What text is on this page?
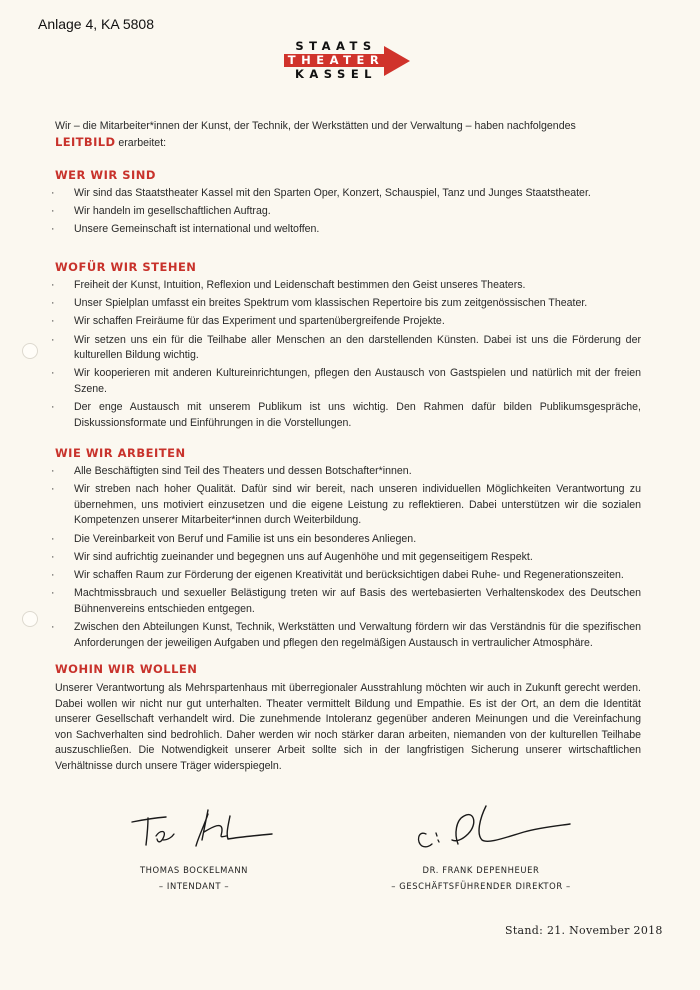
Anlage 4, KA 5808
STAATS
THEATER
KASSEL
Wir – die Mitarbeiter*innen der Kunst, der Technik, der Werkstätten und der Verwaltung – haben nachfolgendes
LEITBILD erarbeitet:
WER WIR SIND
· Wir sind das Staatstheater Kassel mit den Sparten Oper, Konzert, Schauspiel, Tanz und Junges Staatstheater.
· Wir handeln im gesellschaftlichen Auftrag.
· Unsere Gemeinschaft ist international und weltoffen.
WOFÜR WIR STEHEN
· Freiheit der Kunst, Intuition, Reflexion und Leidenschaft bestimmen den Geist unseres Theaters.
· Unser Spielplan umfasst ein breites Spektrum vom klassischen Repertoire bis zum zeitgenössischen Theater.
· Wir schaffen Freiräume für das Experiment und spartenübergreifende Projekte.
· Wir setzen uns ein für die Teilhabe aller Menschen an den darstellenden Künsten. Dabei ist uns die Förderung der kulturellen Bildung wichtig.
· Wir kooperieren mit anderen Kultureinrichtungen, pflegen den Austausch von Gastspielen und natürlich mit der freien Szene.
· Der enge Austausch mit unserem Publikum ist uns wichtig. Den Rahmen dafür bilden Publikumsgespräche, Diskussionsformate und Einführungen in die Vorstellungen.
WIE WIR ARBEITEN
· Alle Beschäftigten sind Teil des Theaters und dessen Botschafter*innen.
· Wir streben nach hoher Qualität. Dafür sind wir bereit, nach unseren individuellen Möglichkeiten Verantwortung zu übernehmen, uns motiviert einzusetzen und die eigene Leistung zu reflektieren. Dabei unterstützen wir die sozialen Kompetenzen unserer Mitarbeiter*innen durch Weiterbildung.
· Die Vereinbarkeit von Beruf und Familie ist uns ein besonderes Anliegen.
· Wir sind aufrichtig zueinander und begegnen uns auf Augenhöhe und mit gegenseitigem Respekt.
· Wir schaffen Raum zur Förderung der eigenen Kreativität und berücksichtigen dabei Ruhe- und Regenerationszeiten.
· Machtmissbrauch und sexueller Belästigung treten wir auf Basis des wertebasierten Verhaltenskodex des Deutschen Bühnenvereins entschieden entgegen.
· Zwischen den Abteilungen Kunst, Technik, Werkstätten und Verwaltung fördern wir das Verständnis für die spezifischen Anforderungen der jeweiligen Aufgaben und pflegen den regelmäßigen Austausch in vertraulicher Atmosphäre.
WOHIN WIR WOLLEN
Unserer Verantwortung als Mehrspartenhaus mit überregionaler Ausstrahlung möchten wir auch in Zukunft gerecht werden. Dabei wollen wir nicht nur gut unterhalten. Theater vermittelt Bildung und Empathie. Es ist der Ort, an dem die Identität unserer Gesellschaft verhandelt wird. Die zunehmende Intoleranz gegenüber anderen Meinungen und die Vereinfachung von Sachverhalten sind bedrohlich. Daher werden wir noch stärker daran arbeiten, niemanden von der kulturellen Teilhabe auszuschließen. Die Notwendigkeit unserer Arbeit sollte sich in der langfristigen Sicherung unserer wirtschaftlichen Verhältnisse durch unsere Träger widerspiegeln.
THOMAS BOCKELMANN
– INTENDANT –
DR. FRANK DEPENHEUER
– GESCHÄFTSFÜHRENDER DIREKTOR –
Stand: 21. November 2018
